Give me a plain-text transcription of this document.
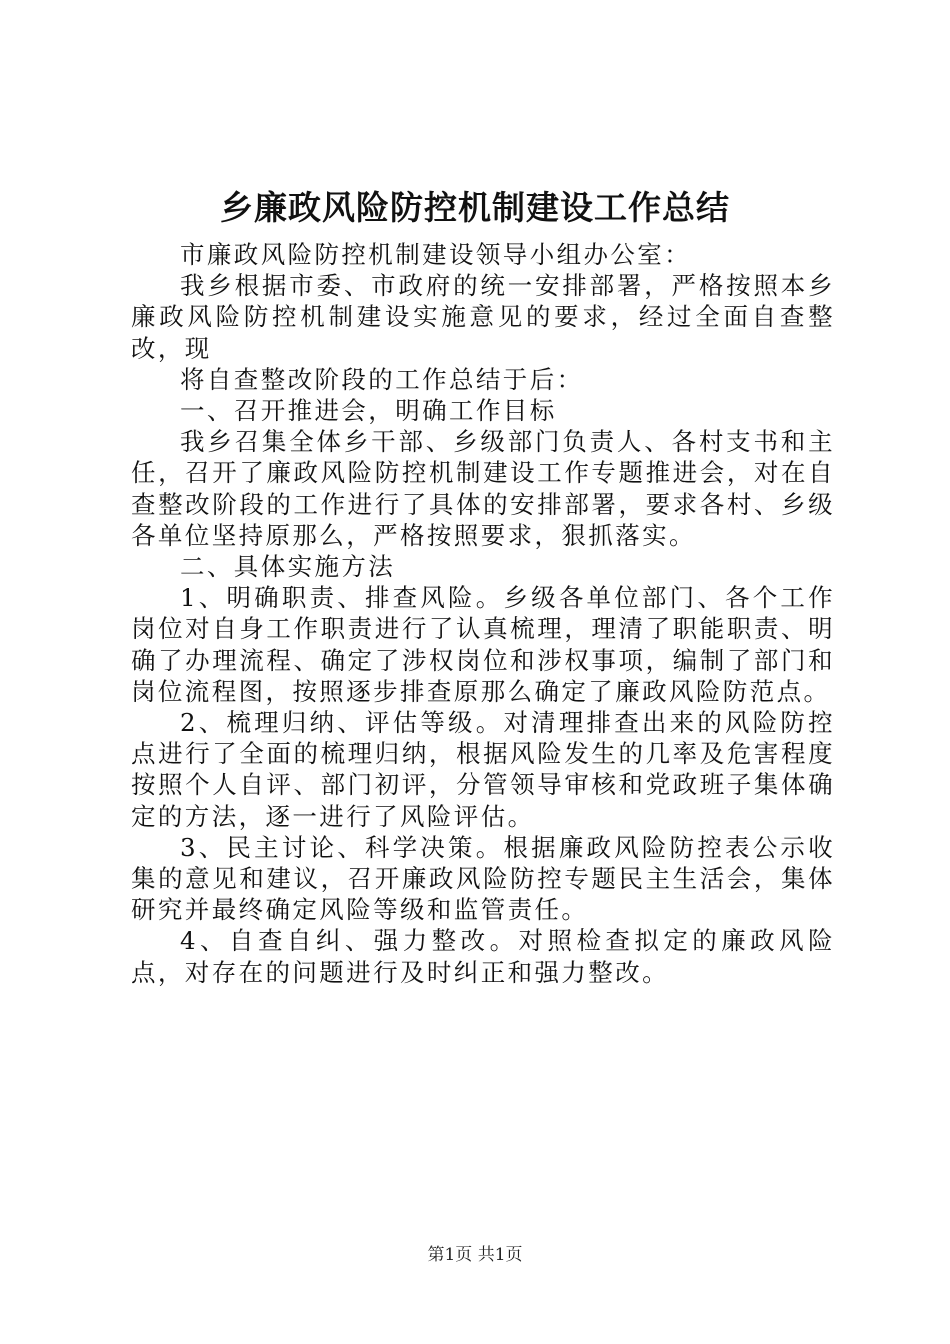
乡廉政风险防控机制建设工作总结

市廉政风险防控机制建设领导小组办公室：

我乡根据市委、市政府的统一安排部署，严格按照本乡廉政风险防控机制建设实施意见的要求，经过全面自查整改，现

将自查整改阶段的工作总结于后：

一、召开推进会，明确工作目标

我乡召集全体乡干部、乡级部门负责人、各村支书和主任，召开了廉政风险防控机制建设工作专题推进会，对在自查整改阶段的工作进行了具体的安排部署，要求各村、乡级各单位坚持原那么，严格按照要求，狠抓落实。

二、具体实施方法

1、明确职责、排查风险。乡级各单位部门、各个工作岗位对自身工作职责进行了认真梳理，理清了职能职责、明确了办理流程、确定了涉权岗位和涉权事项，编制了部门和岗位流程图，按照逐步排查原那么确定了廉政风险防范点。

2、梳理归纳、评估等级。对清理排查出来的风险防控点进行了全面的梳理归纳，根据风险发生的几率及危害程度按照个人自评、部门初评，分管领导审核和党政班子集体确定的方法，逐一进行了风险评估。

3、民主讨论、科学决策。根据廉政风险防控表公示收集的意见和建议，召开廉政风险防控专题民主生活会，集体研究并最终确定风险等级和监管责任。

4、自查自纠、强力整改。对照检查拟定的廉政风险点，对存在的问题进行及时纠正和强力整改。

第1页 共1页
